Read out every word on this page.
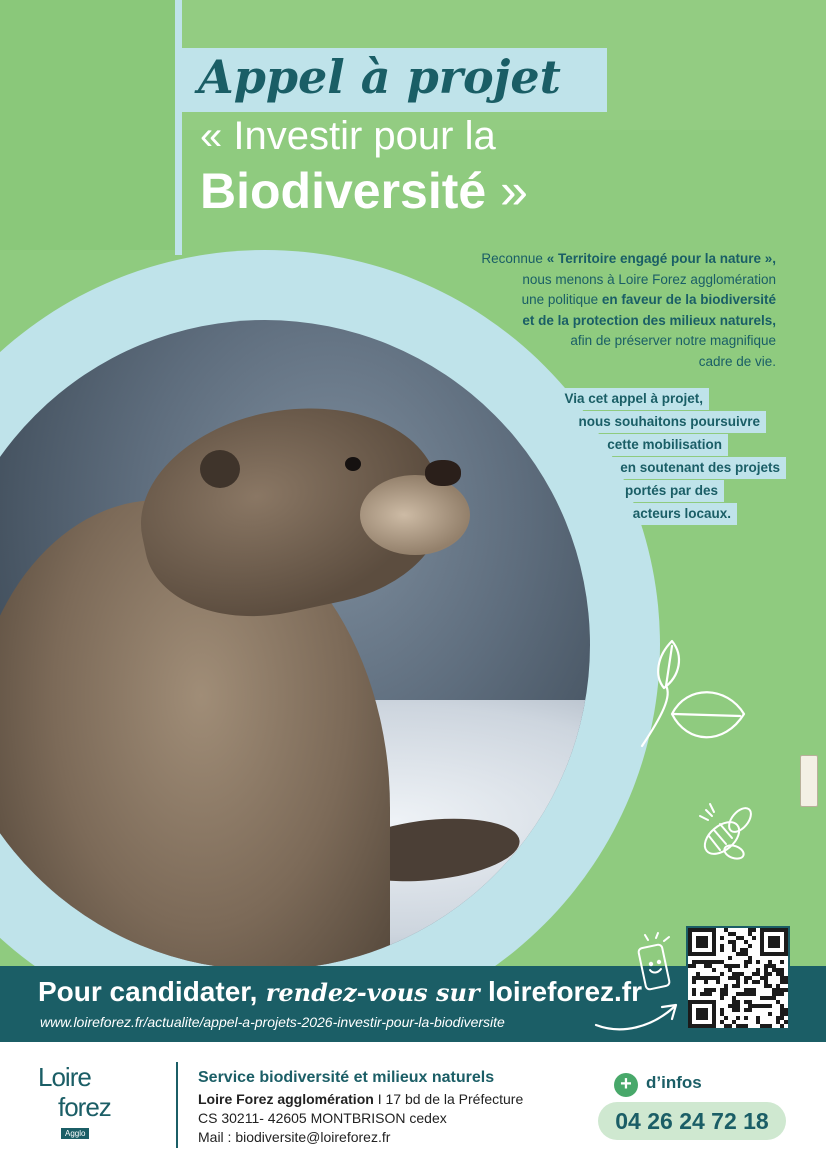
Appel à projet
« Investir pour la
Biodiversité »
Reconnue « Territoire engagé pour la nature »,
nous menons à Loire Forez agglomération
une politique en faveur de la biodiversité
et de la protection des milieux naturels,
afin de préserver notre magnifique
cadre de vie.
Via cet appel à projet,
nous souhaitons poursuivre
cette mobilisation
en soutenant des projets
portés par des
acteurs locaux.
Pour candidater, rendez-vous sur loireforez.fr
www.loireforez.fr/actualite/appel-a-projets-2026-investir-pour-la-biodiversite
Loire
forez
Agglo
Service biodiversité et milieux naturels
Loire Forez agglomération I 17 bd de la Préfecture
CS 30211- 42605 MONTBRISON cedex
Mail : biodiversite@loireforez.fr
+ d’infos
04 26 24 72 18
